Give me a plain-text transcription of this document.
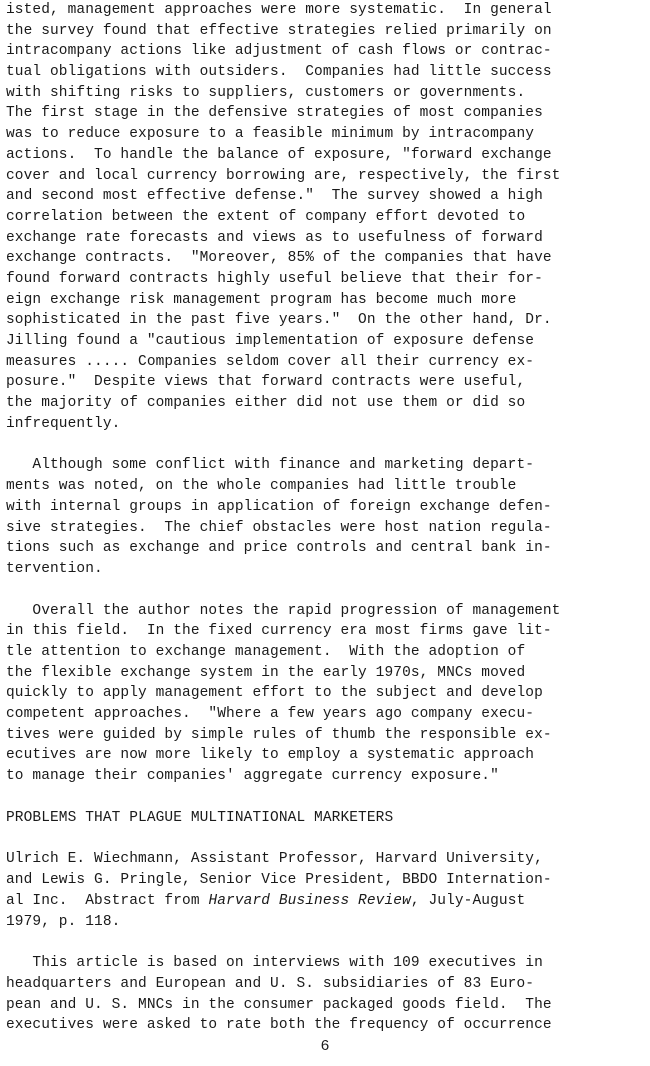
isted, management approaches were more systematic.  In general
the survey found that effective strategies relied primarily on
intracompany actions like adjustment of cash flows or contrac-
tual obligations with outsiders.  Companies had little success
with shifting risks to suppliers, customers or governments.
The first stage in the defensive strategies of most companies
was to reduce exposure to a feasible minimum by intracompany
actions.  To handle the balance of exposure, "forward exchange
cover and local currency borrowing are, respectively, the first
and second most effective defense."  The survey showed a high
correlation between the extent of company effort devoted to
exchange rate forecasts and views as to usefulness of forward
exchange contracts.  "Moreover, 85% of the companies that have
found forward contracts highly useful believe that their for-
eign exchange risk management program has become much more
sophisticated in the past five years."  On the other hand, Dr.
Jilling found a "cautious implementation of exposure defense
measures ..... Companies seldom cover all their currency ex-
posure."  Despite views that forward contracts were useful,
the majority of companies either did not use them or did so
infrequently.
Although some conflict with finance and marketing depart-
ments was noted, on the whole companies had little trouble
with internal groups in application of foreign exchange defen-
sive strategies.  The chief obstacles were host nation regula-
tions such as exchange and price controls and central bank in-
tervention.
Overall the author notes the rapid progression of management
in this field.  In the fixed currency era most firms gave lit-
tle attention to exchange management.  With the adoption of
the flexible exchange system in the early 1970s, MNCs moved
quickly to apply management effort to the subject and develop
competent approaches.  "Where a few years ago company execu-
tives were guided by simple rules of thumb the responsible ex-
ecutives are now more likely to employ a systematic approach
to manage their companies' aggregate currency exposure."
PROBLEMS THAT PLAGUE MULTINATIONAL MARKETERS
Ulrich E. Wiechmann, Assistant Professor, Harvard University,
and Lewis G. Pringle, Senior Vice President, BBDO Internation-
al Inc.  Abstract from Harvard Business Review, July-August
1979, p. 118.
This article is based on interviews with 109 executives in
headquarters and European and U. S. subsidiaries of 83 Euro-
pean and U. S. MNCs in the consumer packaged goods field.  The
executives were asked to rate both the frequency of occurrence
6
